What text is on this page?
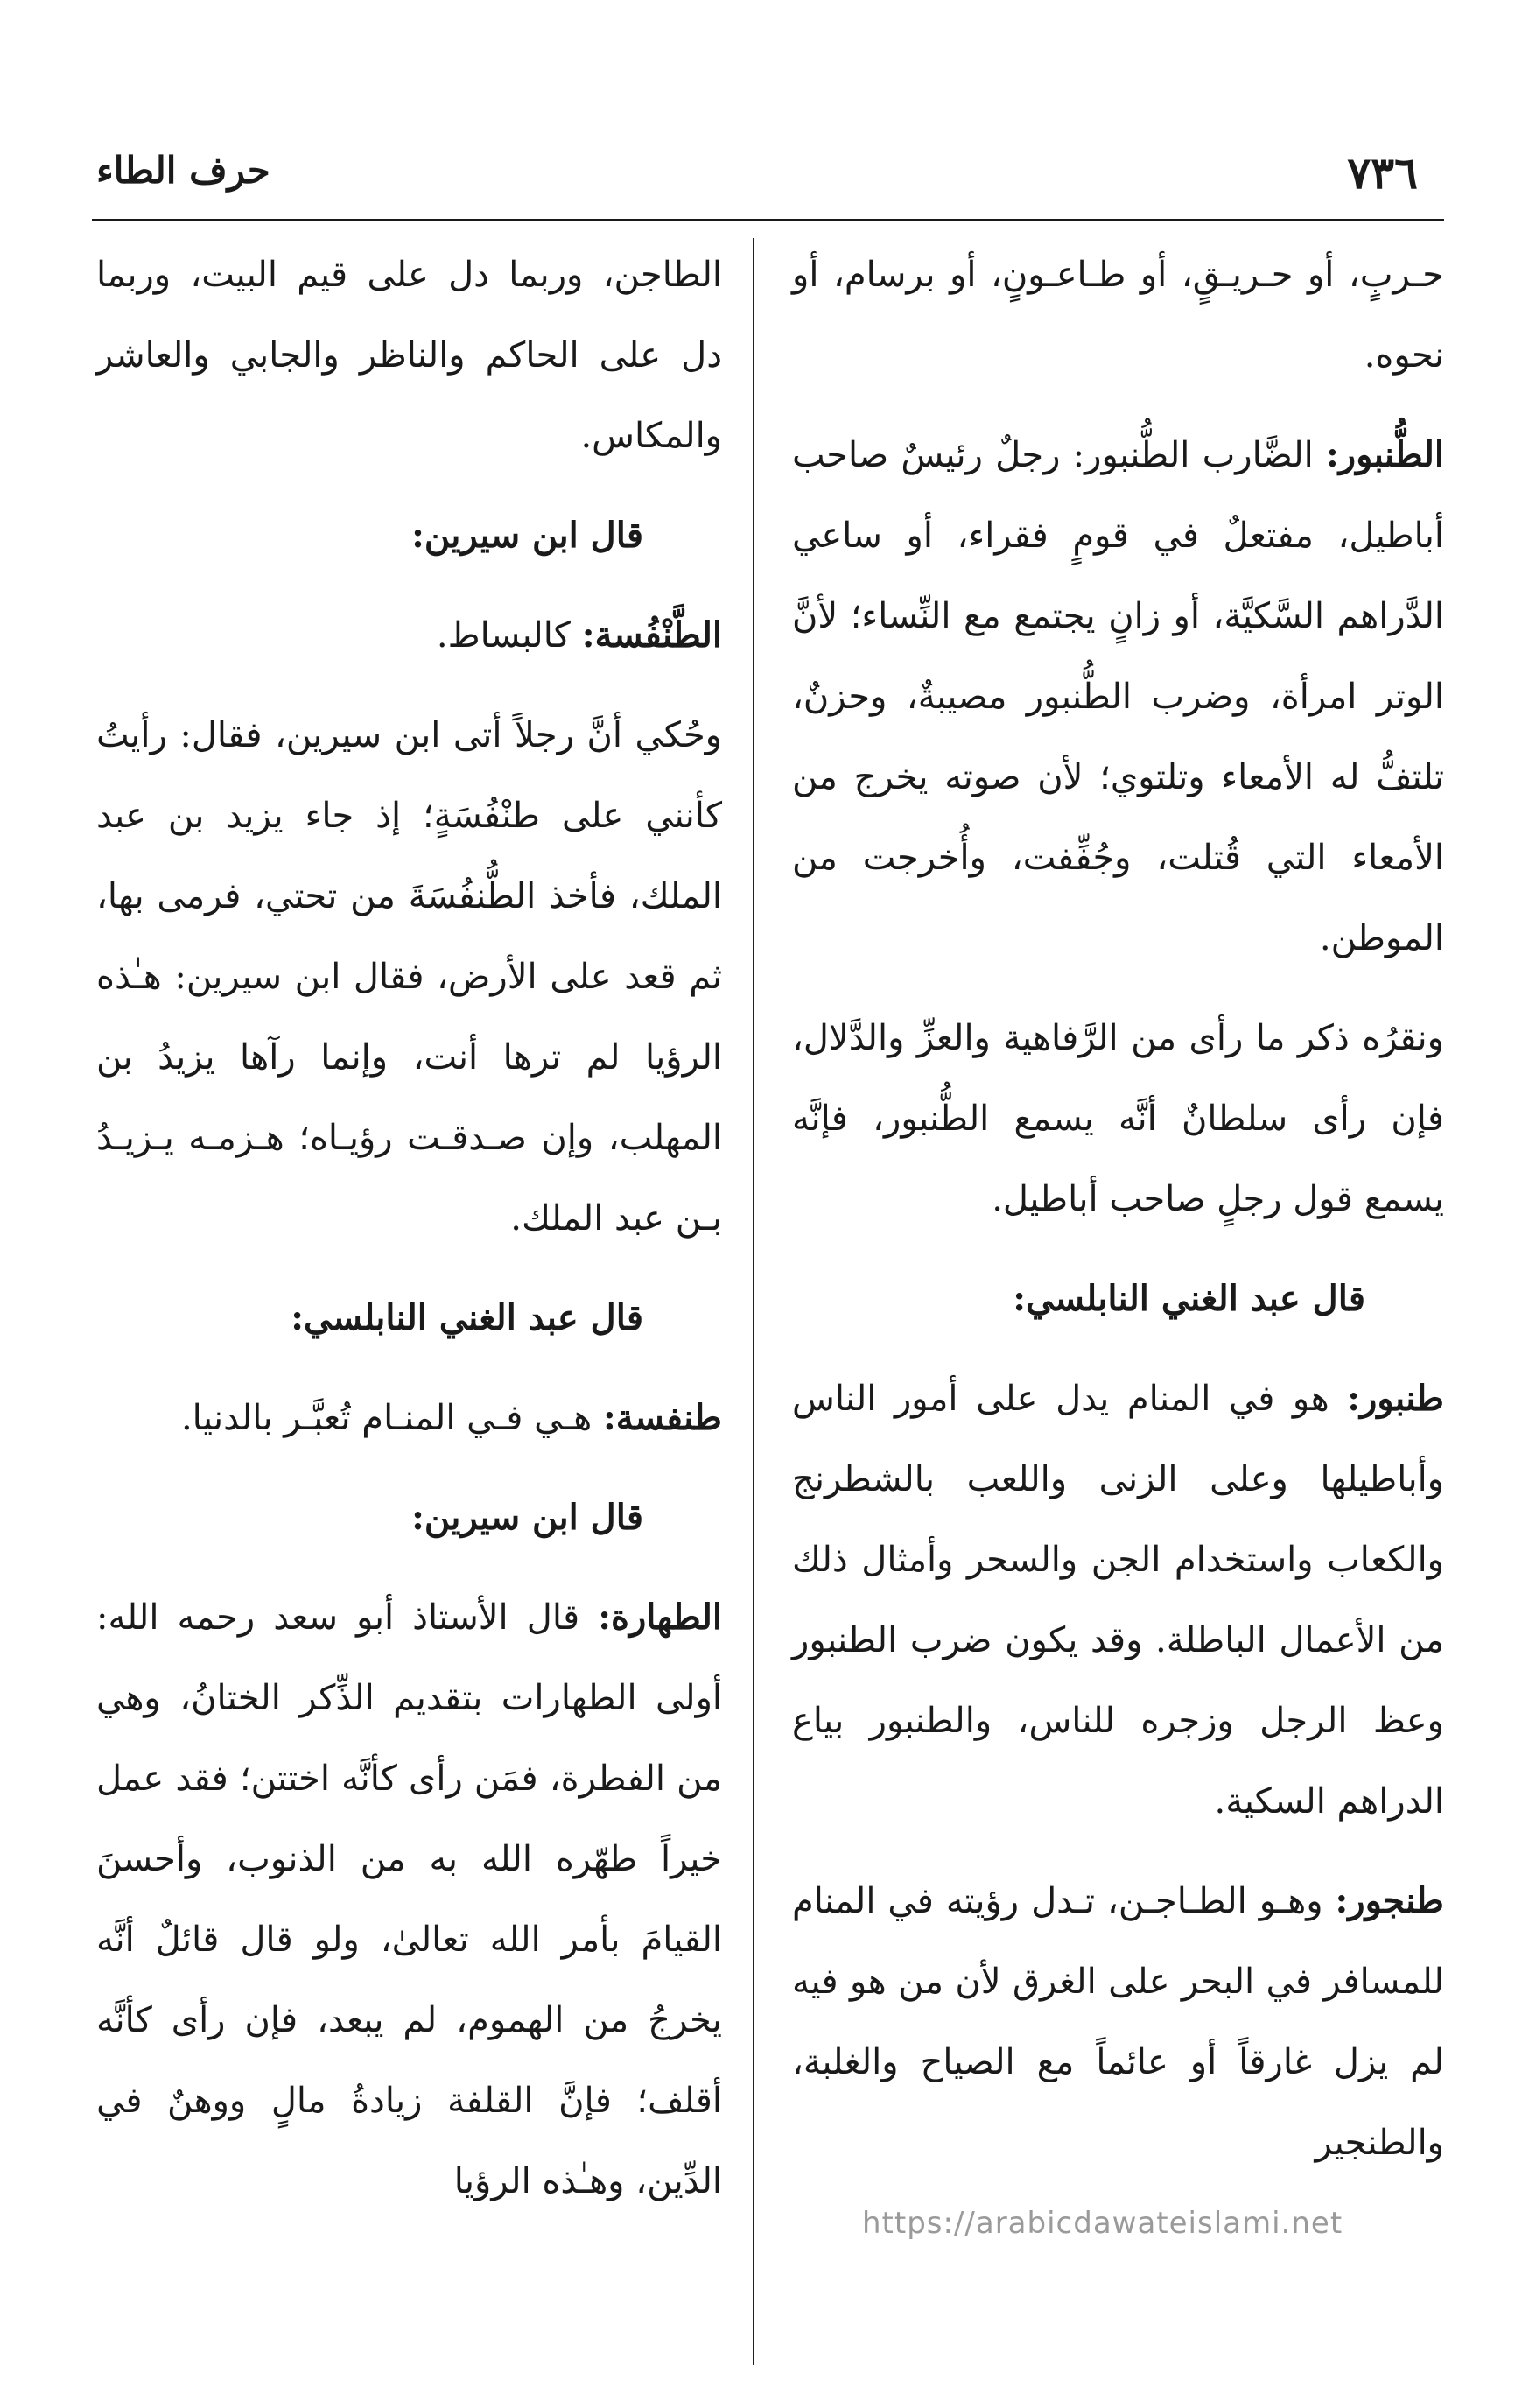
٧٣٦
حرف الطاء

حـربٍ، أو حـريـقٍ، أو طـاعـونٍ، أو برسام، أو نحوه.

الطُّنبور: الضَّارب الطُّنبور: رجلٌ رئيسٌ صاحب أباطيل، مفتعلٌ في قومٍ فقراء، أو ساعي الدَّراهم السَّكيَّة، أو زانٍ يجتمع مع النِّساء؛ لأنَّ الوتر امرأة، وضرب الطُّنبور مصيبةٌ، وحزنٌ، تلتفُّ له الأمعاء وتلتوي؛ لأن صوته يخرج من الأمعاء التي قُتلت، وجُفِّفت، وأُخرجت من الموطن.

ونقرُه ذكر ما رأى من الرَّفاهية والعزِّ والدَّلال، فإن رأى سلطانٌ أنَّه يسمع الطُّنبور، فإنَّه يسمع قول رجلٍ صاحب أباطيل.

قال عبد الغني النابلسي:

طنبور: هو في المنام يدل على أمور الناس وأباطيلها وعلى الزنى واللعب بالشطرنج والكعاب واستخدام الجن والسحر وأمثال ذلك من الأعمال الباطلة. وقد يكون ضرب الطنبور وعظ الرجل وزجره للناس، والطنبور بياع الدراهم السكية.

طنجور: وهـو الطـاجـن، تـدل رؤيته في المنام للمسافر في البحر على الغرق لأن من هو فيه لم يزل غارقاً أو عائماً مع الصياح والغلبة، والطنجير

الطاجن، وربما دل على قيم البيت، وربما دل على الحاكم والناظر والجابي والعاشر والمكاس.

قال ابن سيرين:

الطَّنْفُسة: كالبساط.

وحُكي أنَّ رجلاً أتى ابن سيرين، فقال: رأيتُ كأنني على طنْفُسَةٍ؛ إذ جاء يزيد بن عبد الملك، فأخذ الطُّنفُسَةَ من تحتي، فرمى بها، ثم قعد على الأرض، فقال ابن سيرين: هـٰذه الرؤيا لم ترها أنت، وإنما رآها يزيدُ بن المهلب، وإن صـدقـت رؤيـاه؛ هـزمـه يـزيـدُ بـن عبد الملك.

قال عبد الغني النابلسي:

طنفسة: هـي فـي المنـام تُعبَّـر بالدنيا.

قال ابن سيرين:

الطهارة: قال الأستاذ أبو سعد رحمه الله: أولى الطهارات بتقديم الذِّكر الختانُ، وهي من الفطرة، فمَن رأى كأنَّه اختتن؛ فقد عمل خيراً طهّره الله به من الذنوب، وأحسنَ القيامَ بأمر الله تعالىٰ، ولو قال قائلٌ أنَّه يخرجُ من الهموم، لم يبعد، فإن رأى كأنَّه أقلف؛ فإنَّ القلفة زيادةُ مالٍ ووهنٌ في الدِّين، وهـٰذه الرؤيا

https://arabicdawateislami.net
